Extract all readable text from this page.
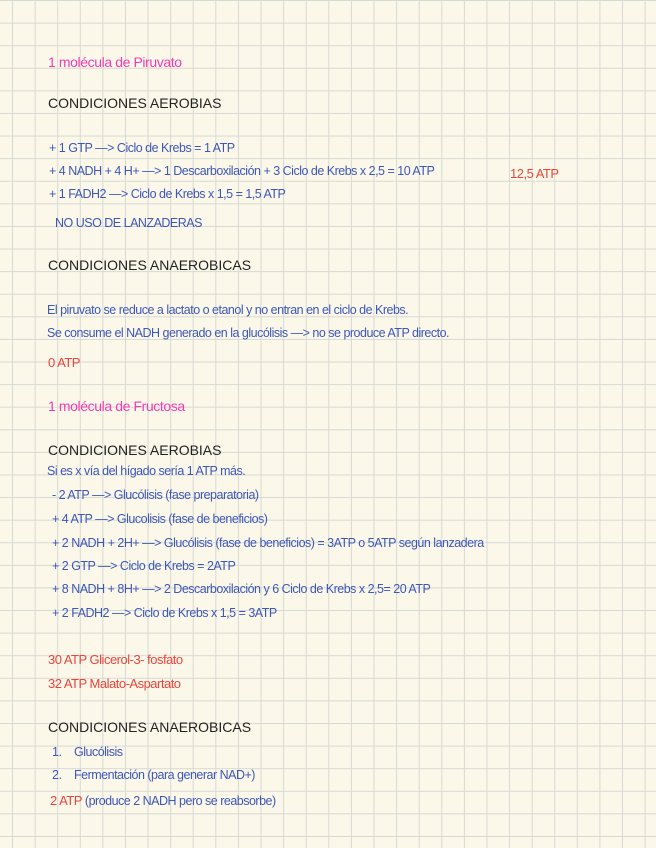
1 molécula de Piruvato
CONDICIONES AEROBIAS
+ 1 GTP —> Ciclo de Krebs = 1 ATP
+ 4 NADH + 4 H+ —> 1 Descarboxilación + 3 Ciclo de Krebs x 2,5 = 10 ATP	12,5 ATP
+ 1 FADH2 —> Ciclo de Krebs x 1,5 = 1,5 ATP
NO USO DE LANZADERAS
CONDICIONES ANAEROBICAS
El piruvato se reduce a lactato o etanol y no entran en el ciclo de Krebs.
Se consume el NADH generado en la glucólisis —> no se produce ATP directo.
0 ATP
1 molécula de Fructosa
CONDICIONES AEROBIAS
Si es x vía del hígado sería 1 ATP más.
- 2 ATP —> Glucólisis (fase preparatoria)
+ 4 ATP —> Glucolisis (fase de beneficios)
+ 2 NADH + 2H+ —> Glucólisis (fase de beneficios) = 3ATP o 5ATP según lanzadera
+ 2 GTP —> Ciclo de Krebs = 2ATP
+ 8 NADH + 8H+ —> 2 Descarboxilación y 6 Ciclo de Krebs x 2,5= 20 ATP
+ 2 FADH2 —> Ciclo de Krebs x 1,5 = 3ATP
30 ATP Glicerol-3- fosfato
32 ATP Malato-Aspartato
CONDICIONES ANAEROBICAS
1. Glucólisis
2. Fermentación (para generar NAD+)
2 ATP (produce 2 NADH pero se reabsorbe)
